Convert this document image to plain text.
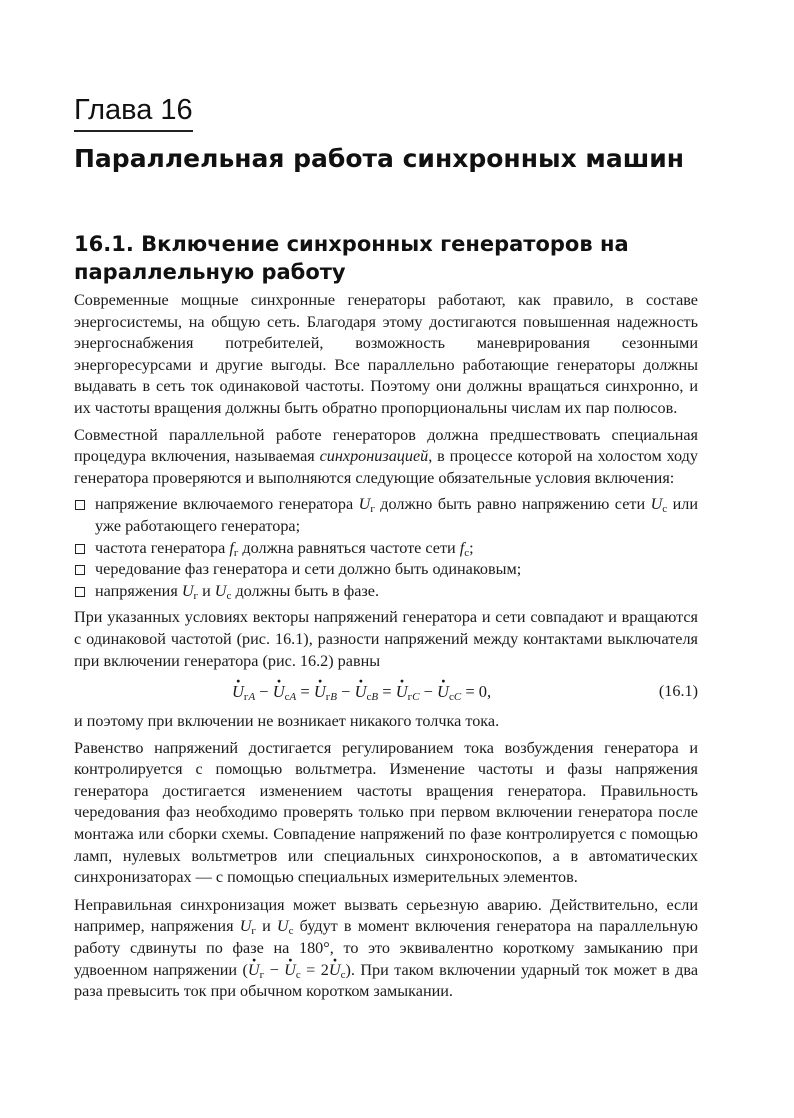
Глава 16
Параллельная работа синхронных машин
16.1. Включение синхронных генераторов на параллельную работу

Современные мощные синхронные генераторы работают, как правило, в составе энергосистемы, на общую сеть. Благодаря этому достигаются повышенная надежность энергоснабжения потребителей, возможность маневрирования сезонными энергоресурсами и другие выгоды. Все параллельно работающие генераторы должны выдавать в сеть ток одинаковой частоты. Поэтому они должны вращаться синхронно, и их частоты вращения должны быть обратно пропорциональны числам их пар полюсов.

Совместной параллельной работе генераторов должна предшествовать специальная процедура включения, называемая синхронизацией, в процессе которой на холостом ходу генератора проверяются и выполняются следующие обязательные условия включения:

напряжение включаемого генератора $U_г$ должно быть равно напряжению сети $U_с$ или уже работающего генератора;
частота генератора $f_г$ должна равняться частоте сети $f_с$;
чередование фаз генератора и сети должно быть одинаковым;
напряжения $U_г$ и $U_с$ должны быть в фазе.

При указанных условиях векторы напряжений генератора и сети совпадают и вращаются с одинаковой частотой (рис. 16.1), разности напряжений между контактами выключателя при включении генератора (рис. 16.2) равны

· $U_{гA}$ − · $U_{сA}$ = · $U_{гB}$ − · $U_{сB}$ = · $U_{гC}$ − · $U_{сC} = 0$,	(16.1)

и поэтому при включении не возникает никакого толчка тока.

Равенство напряжений достигается регулированием тока возбуждения генератора и контролируется с помощью вольтметра. Изменение частоты и фазы напряжения генератора достигается изменением частоты вращения генератора. Правильность чередования фаз необходимо проверять только при первом включении генератора после монтажа или сборки схемы. Совпадение напряжений по фазе контролируется с помощью ламп, нулевых вольтметров или специальных синхроноскопов, а в автоматических синхронизаторах — с помощью специальных измерительных элементов.

Неправильная синхронизация может вызвать серьезную аварию. Действительно, если например, напряжения $U_г$ и $U_с$ будут в момент включения генератора на параллельную работу сдвинуты по фазе на 180°, то это эквивалентно короткому замыканию при удвоенном напряжении (· $U_г$ − · $U_с = 2\cdot U_с$). При таком включении ударный ток может в два раза превысить ток при обычном коротком замыкании.
